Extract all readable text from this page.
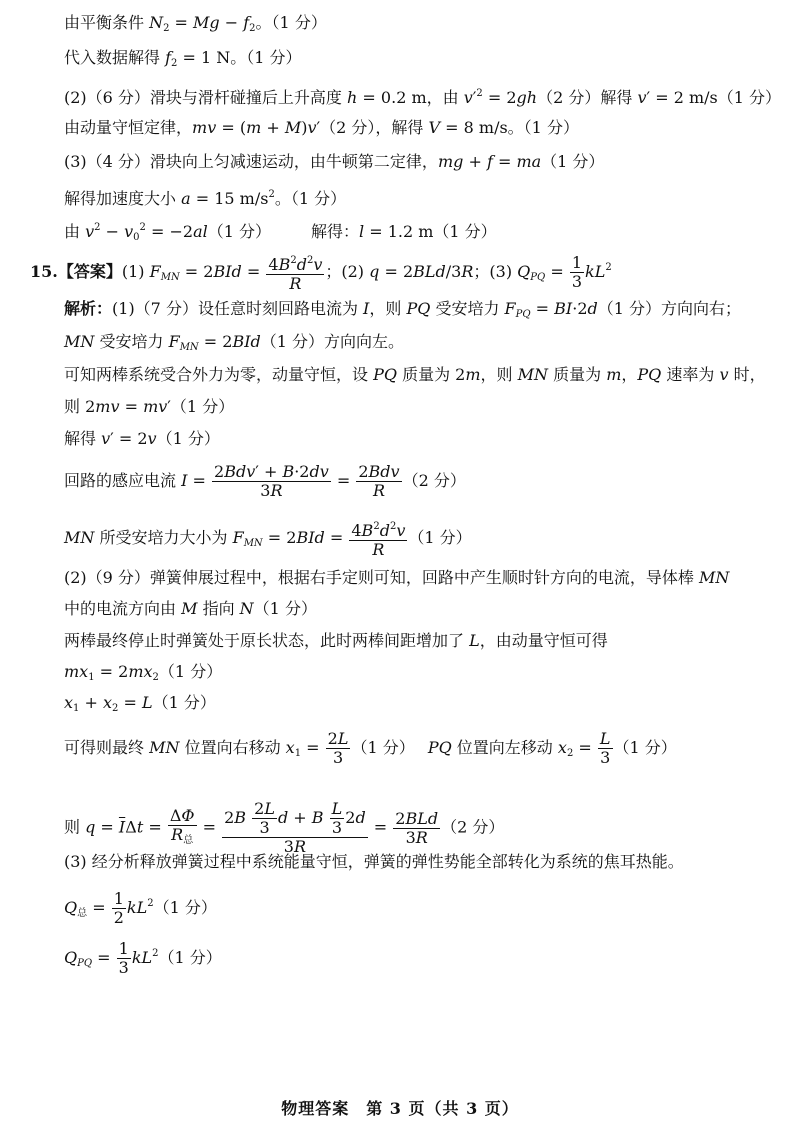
由平衡条件 $N_2 = Mg - f_2$。（1 分）
代入数据解得 $f_2 = 1$ N。（1 分）
(2)（6 分）滑块与滑杆碰撞后上升高度 h = 0.2 m，由 $v'^2 = 2gh(2$ 分）解得 v′ = 2 m/s（1 分）
由动量守恒定律，mv = (m + M)v′（2 分），解得 V = 8 m/s。（1 分）
(3)（4 分）滑块向上匀减速运动，由牛顿第二定律，mg + f = ma（1 分）
解得加速度大小 a = 15 $m/s^2$。（1 分）
由 $v^2 - v_0^2 = -2al(1$ 分）　　　解得：l = 1.2 m（1 分）
15.【答案】(1) $F_{MN} = 2BId = \frac{4B^2d^2v}{R}$ ；(2) q = 2BLd/3R；(3) $Q_{PQ} = \frac{1}{3} kL^2$
解析：(1)（7 分）设任意时刻回路电流为 I，则 PQ 受安培力 $F_{PQ} = BI\cdot 2d(1$ 分）方向向右；
MN 受安培力 $F_{MN} = 2BId(1$ 分）方向向左。
可知两棒系统受合外力为零，动量守恒，设 PQ 质量为 2m，则 MN 质量为 m，PQ 速率为 v 时，
则 2mv = mv′（1 分）
解得 v′ = 2v（1 分）
回路的感应电流 $I = \frac{\text{2Bdv′ + B·2dv}}{3R} = \frac{\text{2Bdv}}{R} (2$ 分）
MN 所受安培力大小为 $F_{MN} = 2BId = \frac{4B^2d^2v}{R} (1$ 分）
(2)（9 分）弹簧伸展过程中，根据右手定则可知，回路中产生顺时针方向的电流，导体棒 MN
中的电流方向由 M 指向 N（1 分）
两棒最终停止时弹簧处于原长状态，此时两棒间距增加了 L，由动量守恒可得
$mx_1 = 2mx_2(1$ 分）
$x_1 + x_2 = L(1$ 分）
可得则最终 MN 位置向右移动 $x_1 = \frac{2L}{3} (1$ 分）　 PQ 位置向左移动 $x_2 = \frac{L}{3} (1$ 分）
则 $q = \overline{I}\Delta t = \frac{\Delta\Phi}{R_总} = \frac{2B \frac{2L}{3} d + B \frac{L}{3} 2d}{3R} = \frac{\text{2BLd}}{3R} (2$ 分）
(3) 经分析释放弹簧过程中系统能量守恒，弹簧的弹性势能全部转化为系统的焦耳热能。
$Q_总 = \frac{1}{2} kL^2(1$ 分）
$Q_{PQ} = \frac{1}{3} kL^2(1$ 分）
物理答案　第 3 页（共 3 页）
